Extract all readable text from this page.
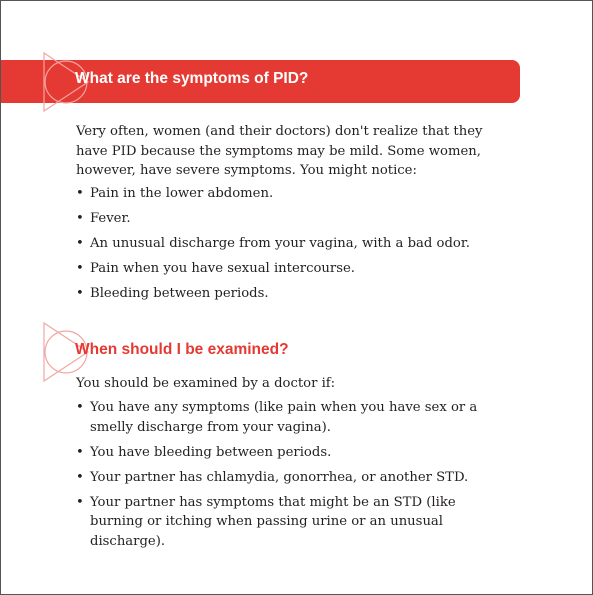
What are the symptoms of PID?

Very often, women (and their doctors) don't realize that they have PID because the symptoms may be mild. Some women, however, have severe symptoms. You might notice:

• Pain in the lower abdomen.
• Fever.
• An unusual discharge from your vagina, with a bad odor.
• Pain when you have sexual intercourse.
• Bleeding between periods.
When should I be examined?

You should be examined by a doctor if:

• You have any symptoms (like pain when you have sex or a smelly discharge from your vagina).
• You have bleeding between periods.
• Your partner has chlamydia, gonorrhea, or another STD.
• Your partner has symptoms that might be an STD (like burning or itching when passing urine or an unusual discharge).
